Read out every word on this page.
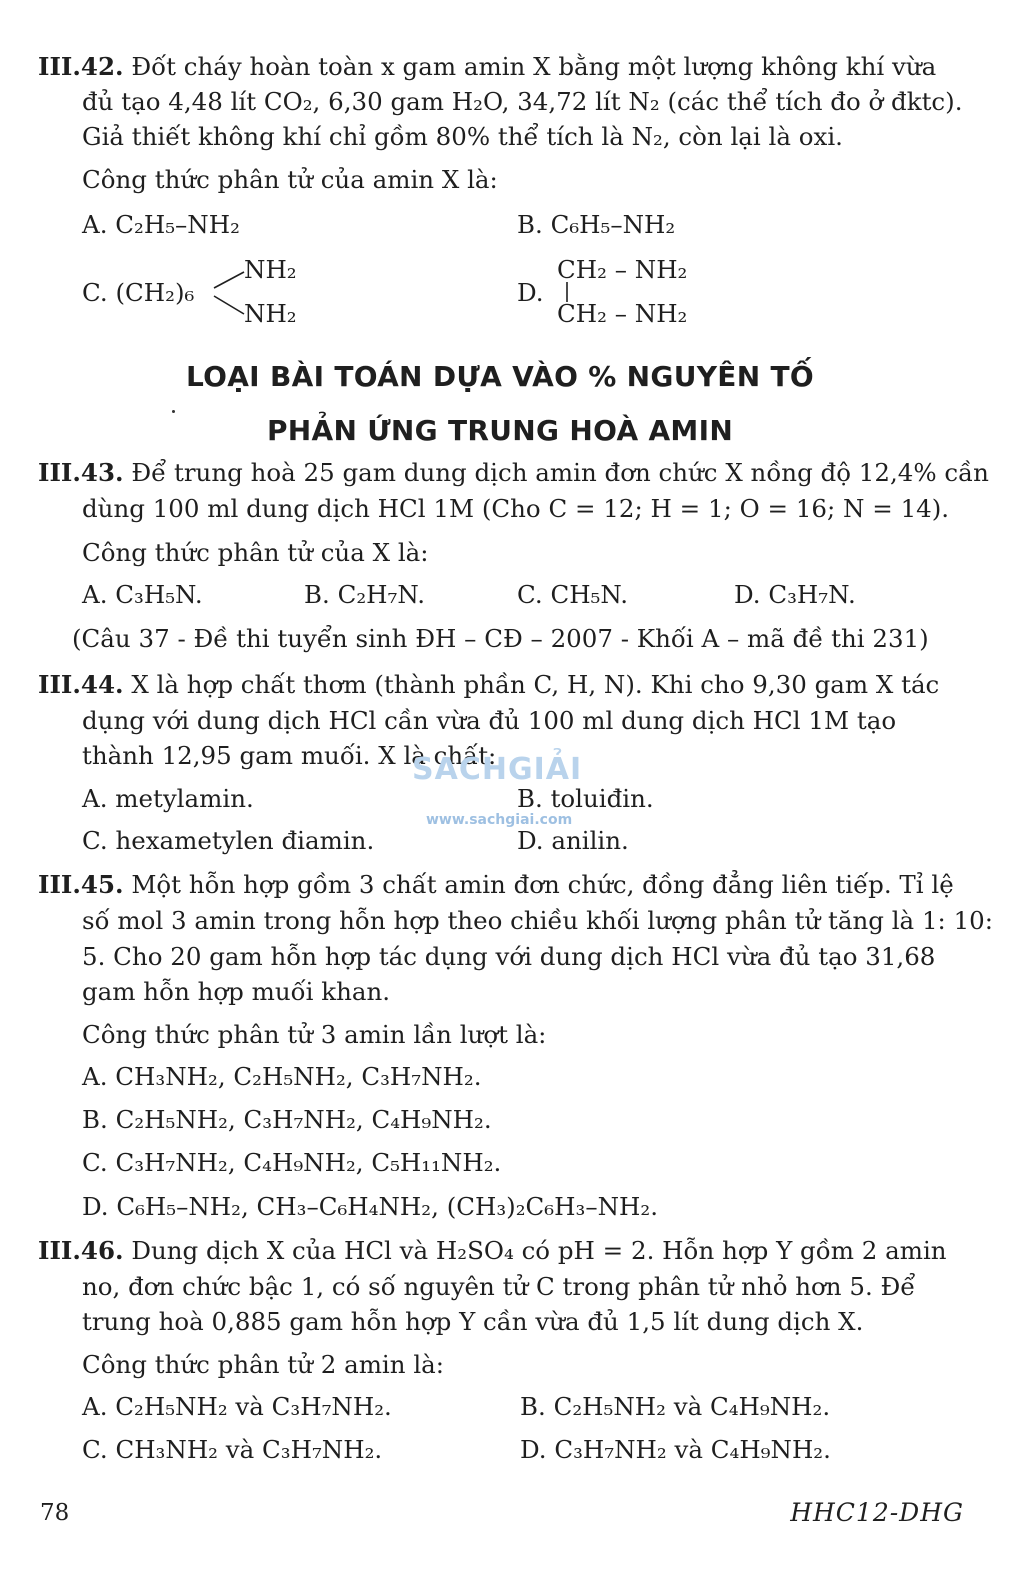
III.42. Đốt cháy hoàn toàn x gam amin X bằng một lượng không khí vừa
đủ tạo 4,48 lít CO₂, 6,30 gam H₂O, 34,72 lít N₂ (các thể tích đo ở đktc).
Giả thiết không khí chỉ gồm 80% thể tích là N₂, còn lại là oxi.
Công thức phân tử của amin X là:
A. C₂H₅–NH₂	B. C₆H₅–NH₂
C. (CH₂)₆
NH₂
NH₂
D.
CH₂ – NH₂
CH₂ – NH₂
LOẠI BÀI TOÁN DỰA VÀO % NGUYÊN TỐ
PHẢN ỨNG TRUNG HOÀ AMIN
III.43. Để trung hoà 25 gam dung dịch amin đơn chức X nồng độ 12,4% cần
dùng 100 ml dung dịch HCl 1M (Cho C = 12; H = 1; O = 16; N = 14).
Công thức phân tử của X là:
A. C₃H₅N.	B. C₂H₇N.	C. CH₅N.	D. C₃H₇N.
(Câu 37 - Đề thi tuyển sinh ĐH – CĐ – 2007 - Khối A – mã đề thi 231)
III.44. X là hợp chất thơm (thành phần C, H, N). Khi cho 9,30 gam X tác
dụng với dung dịch HCl cần vừa đủ 100 ml dung dịch HCl 1M tạo
thành 12,95 gam muối. X là chất:
A. metylamin.	B. toluiđin.
C. hexametylen điamin.	D. anilin.
SACHGIẢI
www.sachgiai.com
III.45. Một hỗn hợp gồm 3 chất amin đơn chức, đồng đẳng liên tiếp. Tỉ lệ
số mol 3 amin trong hỗn hợp theo chiều khối lượng phân tử tăng là 1: 10:
5. Cho 20 gam hỗn hợp tác dụng với dung dịch HCl vừa đủ tạo 31,68
gam hỗn hợp muối khan.
Công thức phân tử 3 amin lần lượt là:
A. CH₃NH₂, C₂H₅NH₂, C₃H₇NH₂.
B. C₂H₅NH₂, C₃H₇NH₂, C₄H₉NH₂.
C. C₃H₇NH₂, C₄H₉NH₂, C₅H₁₁NH₂.
D. C₆H₅–NH₂, CH₃–C₆H₄NH₂, (CH₃)₂C₆H₃–NH₂.
III.46. Dung dịch X của HCl và H₂SO₄ có pH = 2. Hỗn hợp Y gồm 2 amin
no, đơn chức bậc 1, có số nguyên tử C trong phân tử nhỏ hơn 5. Để
trung hoà 0,885 gam hỗn hợp Y cần vừa đủ 1,5 lít dung dịch X.
Công thức phân tử 2 amin là:
A. C₂H₅NH₂ và C₃H₇NH₂.	B. C₂H₅NH₂ và C₄H₉NH₂.
C. CH₃NH₂ và C₃H₇NH₂.	D. C₃H₇NH₂ và C₄H₉NH₂.
78	HHC12-DHG
